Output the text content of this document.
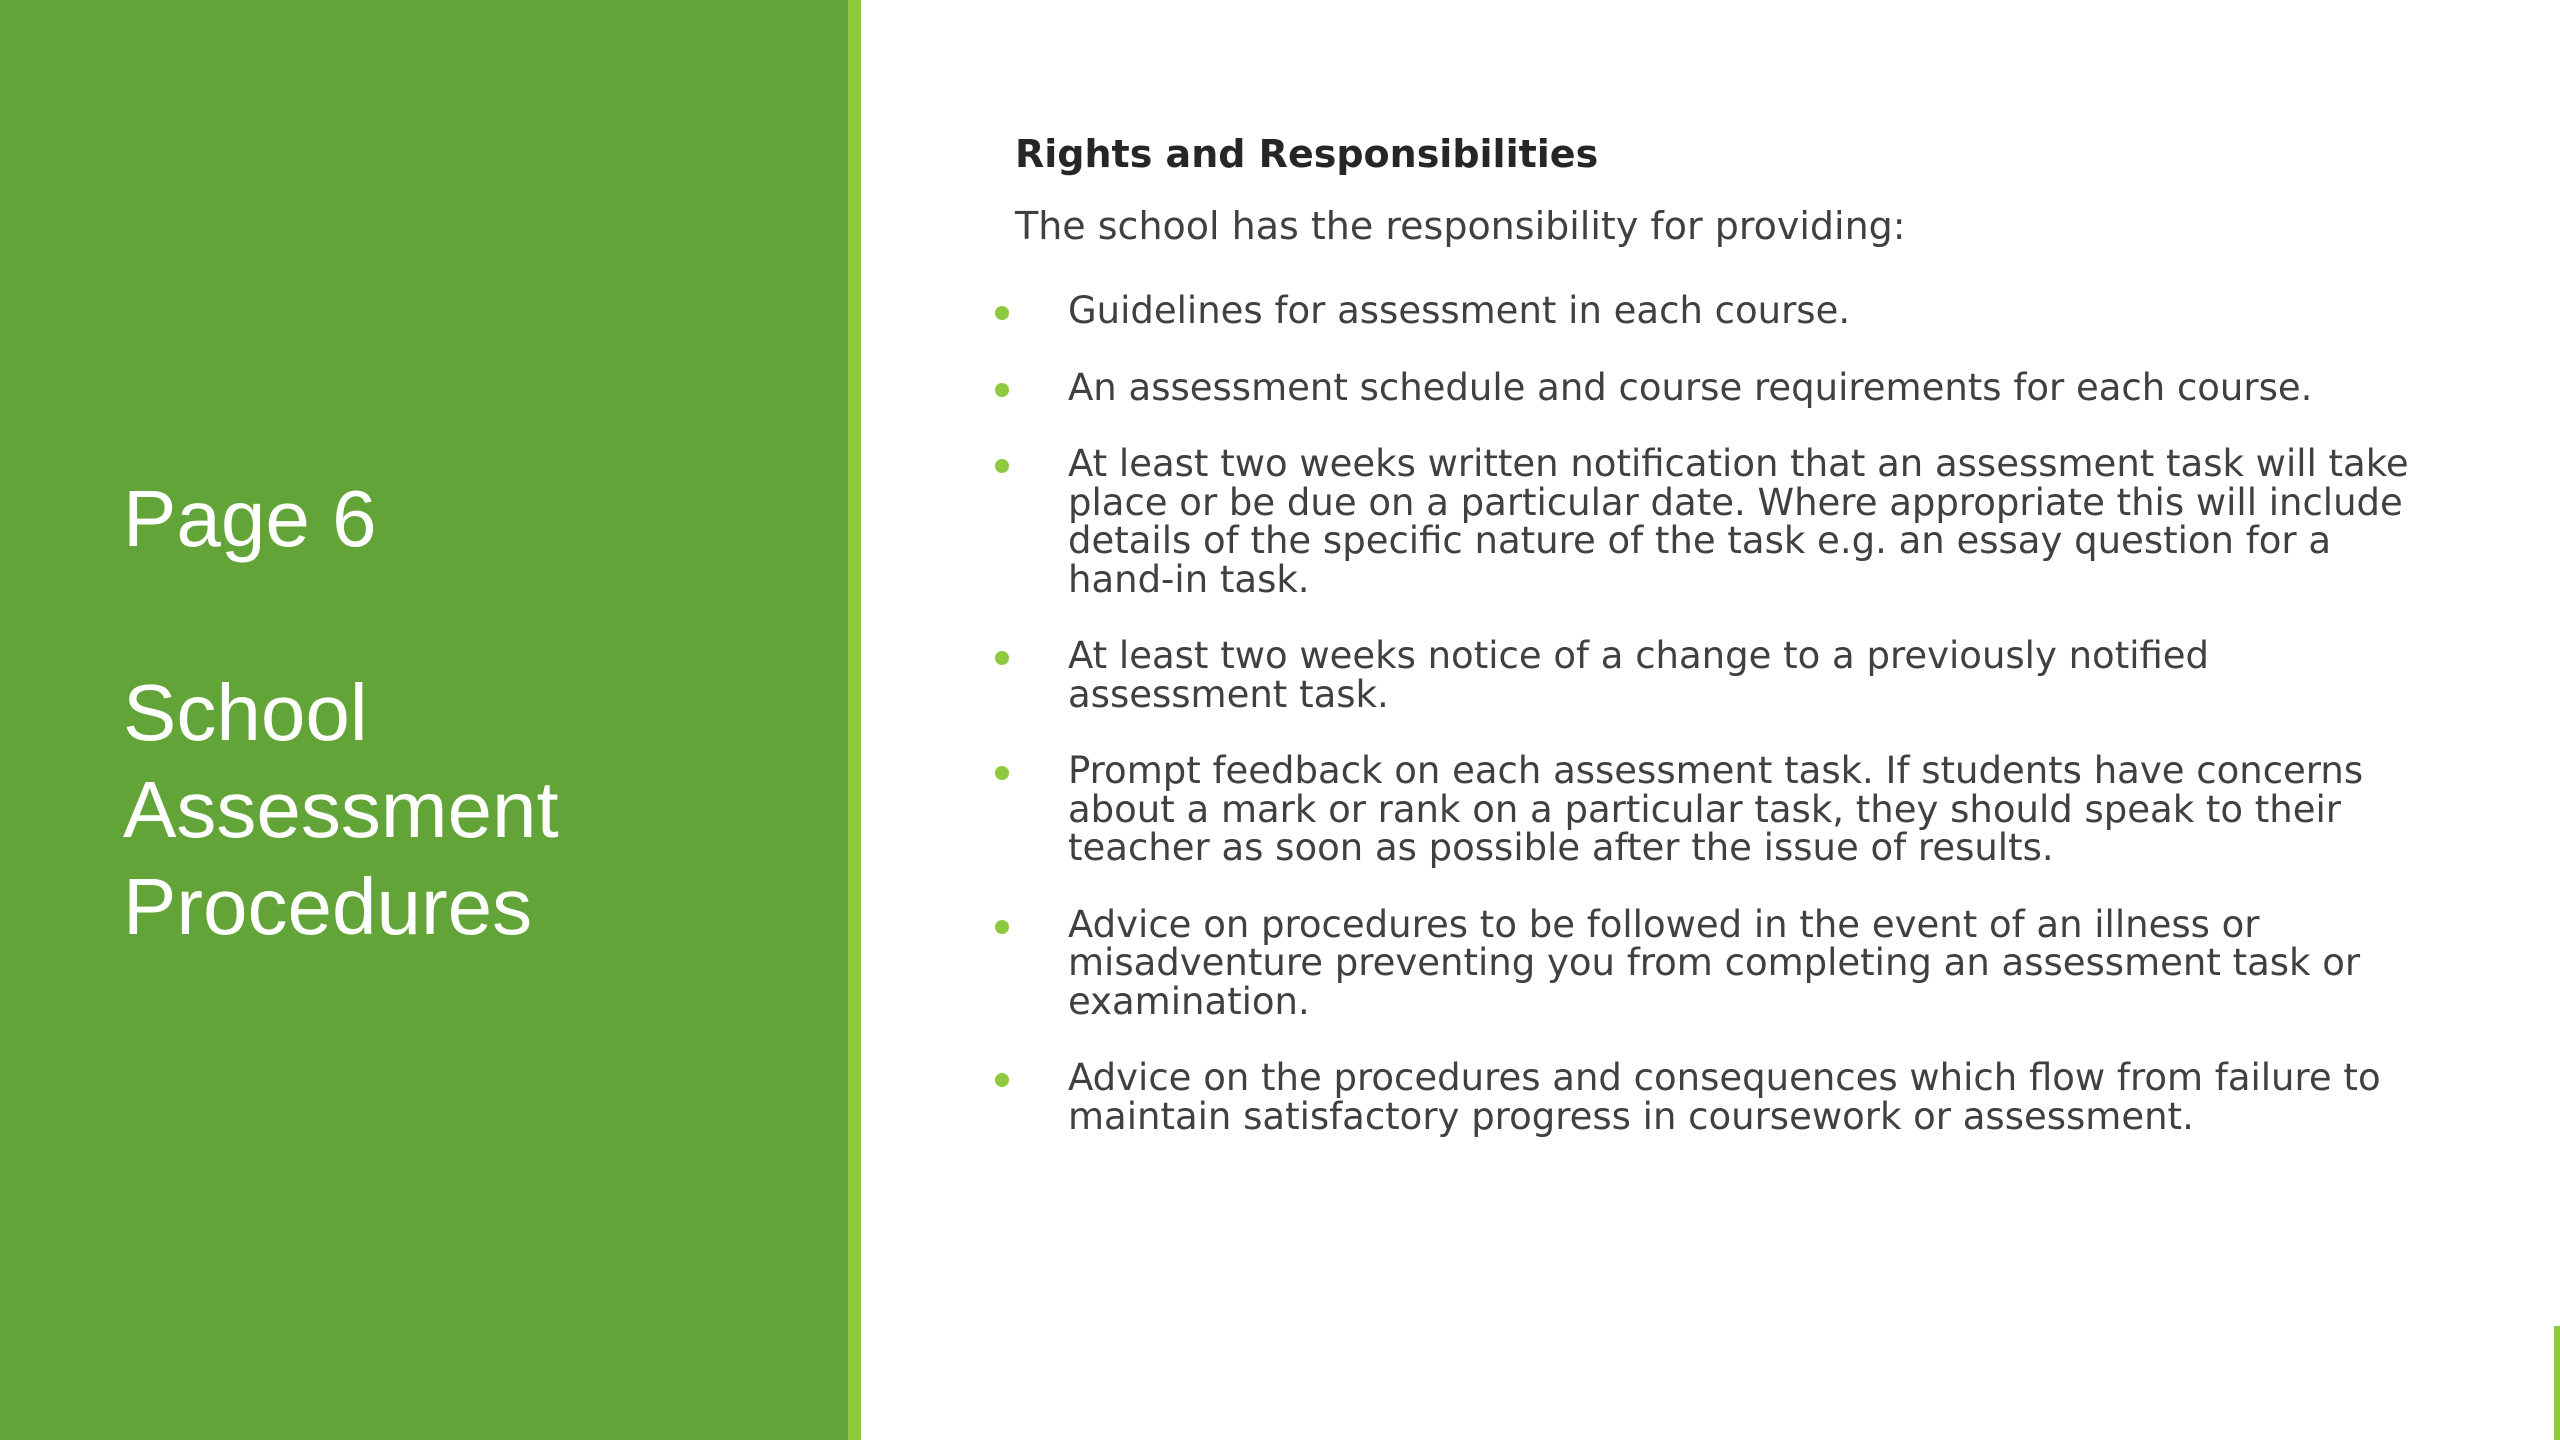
Page 6
School
Assessment
Procedures
Rights and Responsibilities

The school has the responsibility for providing:

Guidelines for assessment in each course.
An assessment schedule and course requirements for each course.
At least two weeks written notification that an assessment task will take place or be due on a particular date. Where appropriate this will include details of the specific nature of the task e.g. an essay question for a hand-in task.
At least two weeks notice of a change to a previously notified assessment task.
Prompt feedback on each assessment task. If students have concerns about a mark or rank on a particular task, they should speak to their teacher as soon as possible after the issue of results.
Advice on procedures to be followed in the event of an illness or misadventure preventing you from completing an assessment task or examination.
Advice on the procedures and consequences which flow from failure to maintain satisfactory progress in coursework or assessment.
